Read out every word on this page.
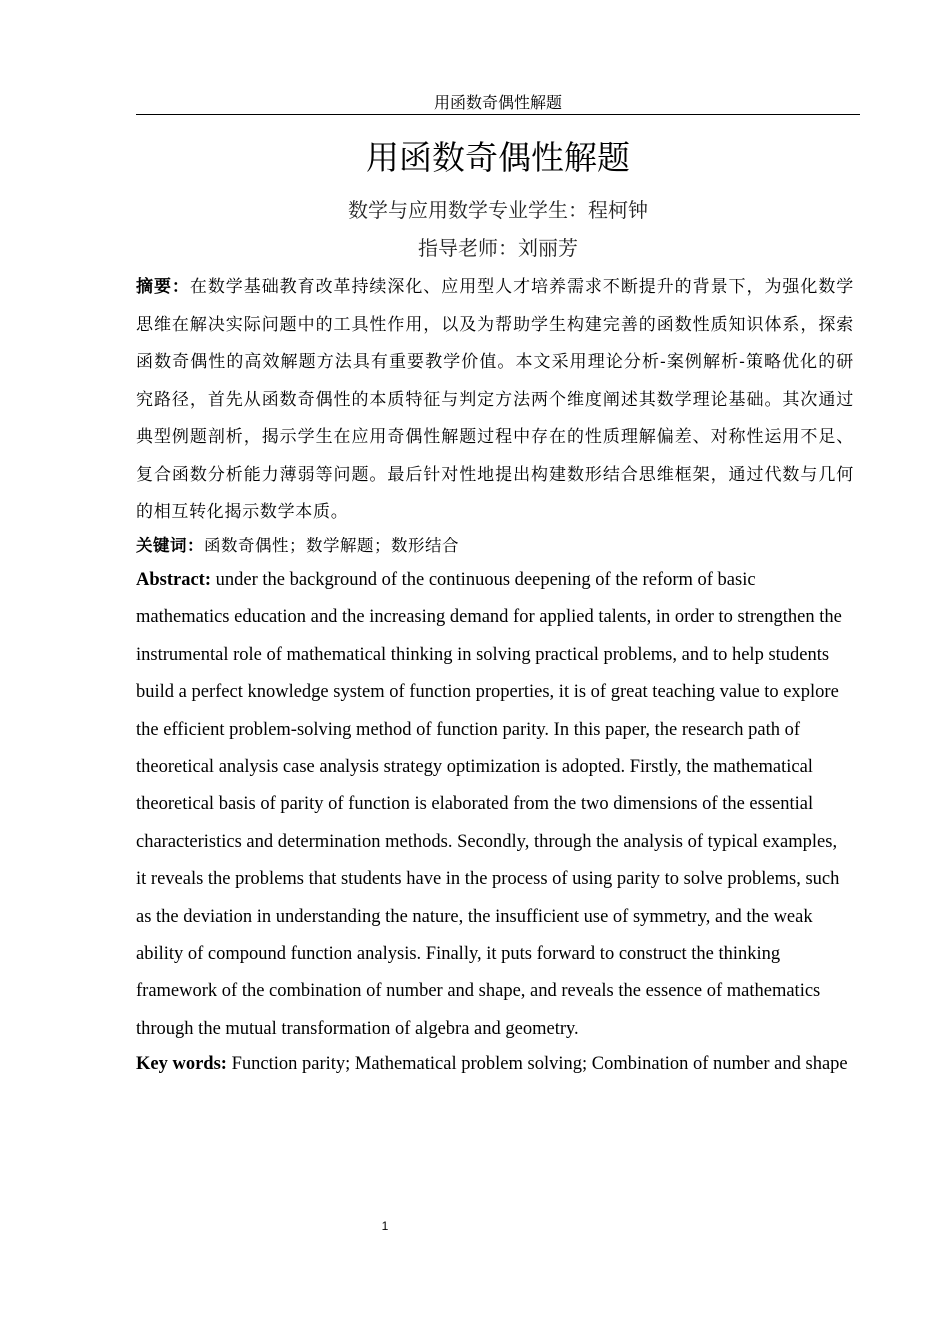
用函数奇偶性解题
用函数奇偶性解题
数学与应用数学专业学生：程柯钟
指导老师：刘丽芳
摘要：在数学基础教育改革持续深化、应用型人才培养需求不断提升的背景下，为强化数学思维在解决实际问题中的工具性作用，以及为帮助学生构建完善的函数性质知识体系，探索函数奇偶性的高效解题方法具有重要教学价值。本文采用理论分析-案例解析-策略优化的研究路径，首先从函数奇偶性的本质特征与判定方法两个维度阐述其数学理论基础。其次通过典型例题剖析，揭示学生在应用奇偶性解题过程中存在的性质理解偏差、对称性运用不足、复合函数分析能力薄弱等问题。最后针对性地提出构建数形结合思维框架，通过代数与几何的相互转化揭示数学本质。
关键词：函数奇偶性；数学解题；数形结合
Abstract: under the background of the continuous deepening of the reform of basic mathematics education and the increasing demand for applied talents, in order to strengthen the instrumental role of mathematical thinking in solving practical problems, and to help students build a perfect knowledge system of function properties, it is of great teaching value to explore the efficient problem-solving method of function parity. In this paper, the research path of theoretical analysis case analysis strategy optimization is adopted. Firstly, the mathematical theoretical basis of parity of function is elaborated from the two dimensions of the essential characteristics and determination methods. Secondly, through the analysis of typical examples, it reveals the problems that students have in the process of using parity to solve problems, such as the deviation in understanding the nature, the insufficient use of symmetry, and the weak ability of compound function analysis. Finally, it puts forward to construct the thinking framework of the combination of number and shape, and reveals the essence of mathematics through the mutual transformation of algebra and geometry.
Key words: Function parity; Mathematical problem solving; Combination of number and shape
1
